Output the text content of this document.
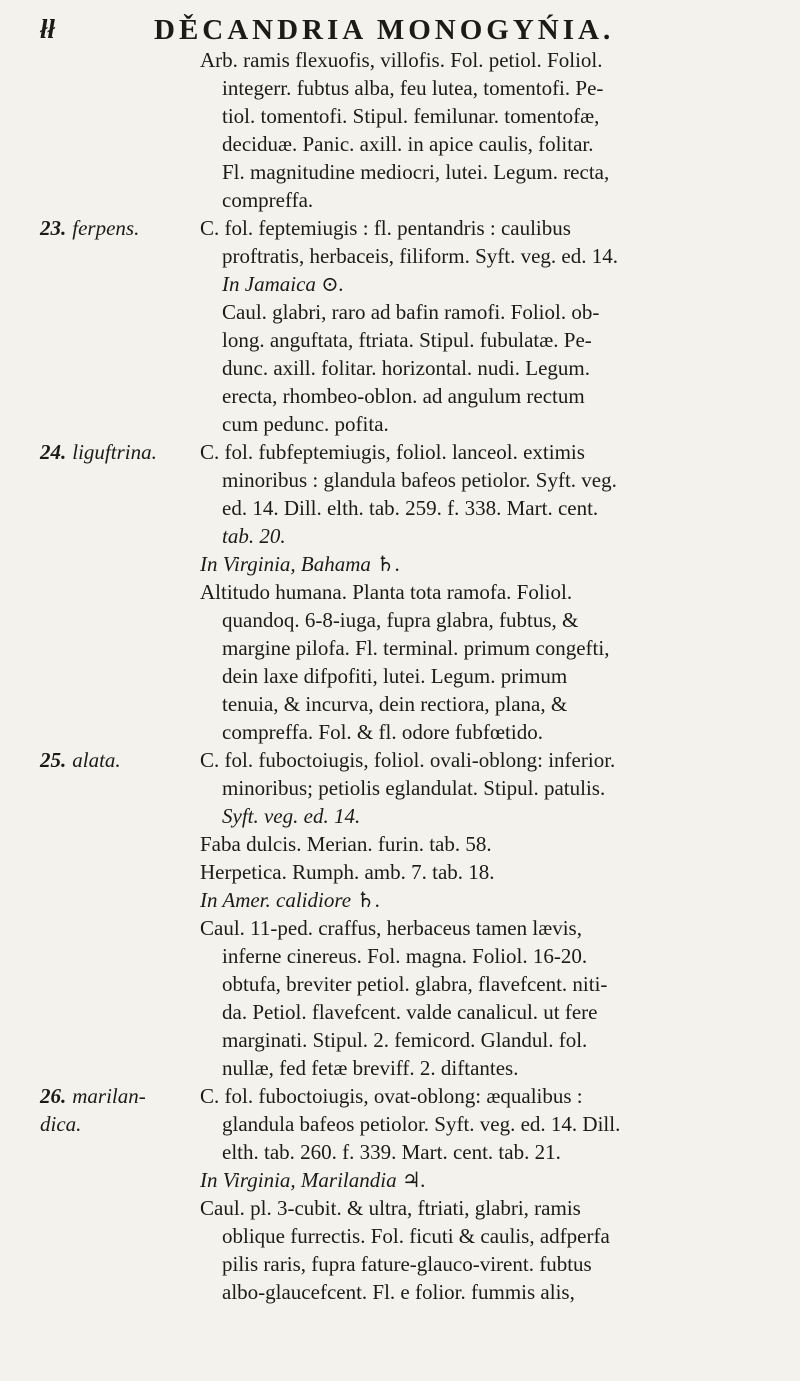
łł	DĚCANDRIA MONOGYŃIA.
Arb. ramis flexuofis, villofis. Fol. petiol. Foliol.
integerr. fubtus alba, feu lutea, tomentofi. Pe-
tiol. tomentofi. Stipul. femilunar. tomentofæ,
deciduæ. Panic. axill. in apice caulis, folitar.
Fl. magnitudine mediocri, lutei. Legum. recta,
compreffa.
23. ferpens.	C. fol. feptemiugis : fl. pentandris : caulibus
proftratis, herbaceis, filiform. Syft. veg. ed. 14.
In Jamaica ⊙.
Caul. glabri, raro ad bafin ramofi. Foliol. ob-
long. anguftata, ftriata. Stipul. fubulatæ. Pe-
dunc. axill. folitar. horizontal. nudi. Legum.
erecta, rhombeo-oblon. ad angulum rectum
cum pedunc. pofita.
24. liguftrina.	C. fol. fubfeptemiugis, foliol. lanceol. extimis
minoribus : glandula bafeos petiolor. Syft. veg.
ed. 14. Dill. elth. tab. 259. f. 338. Mart. cent.
tab. 20.
In Virginia, Bahama ♄.
Altitudo humana. Planta tota ramofa. Foliol.
quandoq. 6-8-iuga, fupra glabra, fubtus, &
margine pilofa. Fl. terminal. primum congefti,
dein laxe difpofiti, lutei. Legum. primum
tenuia, & incurva, dein rectiora, plana, &
compreffa. Fol. & fl. odore fubfœtido.
25. alata.	C. fol. fuboctoiugis, foliol. ovali-oblong: inferior.
minoribus; petiolis eglandulat. Stipul. patulis.
Syft. veg. ed. 14.
Faba dulcis. Merian. furin. tab. 58.
Herpetica. Rumph. amb. 7. tab. 18.
In Amer. calidiore ♄.
Caul. 11-ped. craffus, herbaceus tamen lævis,
inferne cinereus. Fol. magna. Foliol. 16-20.
obtufa, breviter petiol. glabra, flavefcent. niti-
da. Petiol. flavefcent. valde canalicul. ut fere
marginati. Stipul. 2. femicord. Glandul. fol.
nullæ, fed fetæ breviff. 2. diftantes.
26. marilan-
dica.
C. fol. fuboctoiugis, ovat-oblong: æqualibus :
glandula bafeos petiolor. Syft. veg. ed. 14. Dill.
elth. tab. 260. f. 339. Mart. cent. tab. 21.
In Virginia, Marilandia ♃.
Caul. pl. 3-cubit. & ultra, ftriati, glabri, ramis
oblique furrectis. Fol. ficuti & caulis, adfperfa
pilis raris, fupra fature-glauco-virent. fubtus
albo-glaucefcent. Fl. e folior. fummis alis,
